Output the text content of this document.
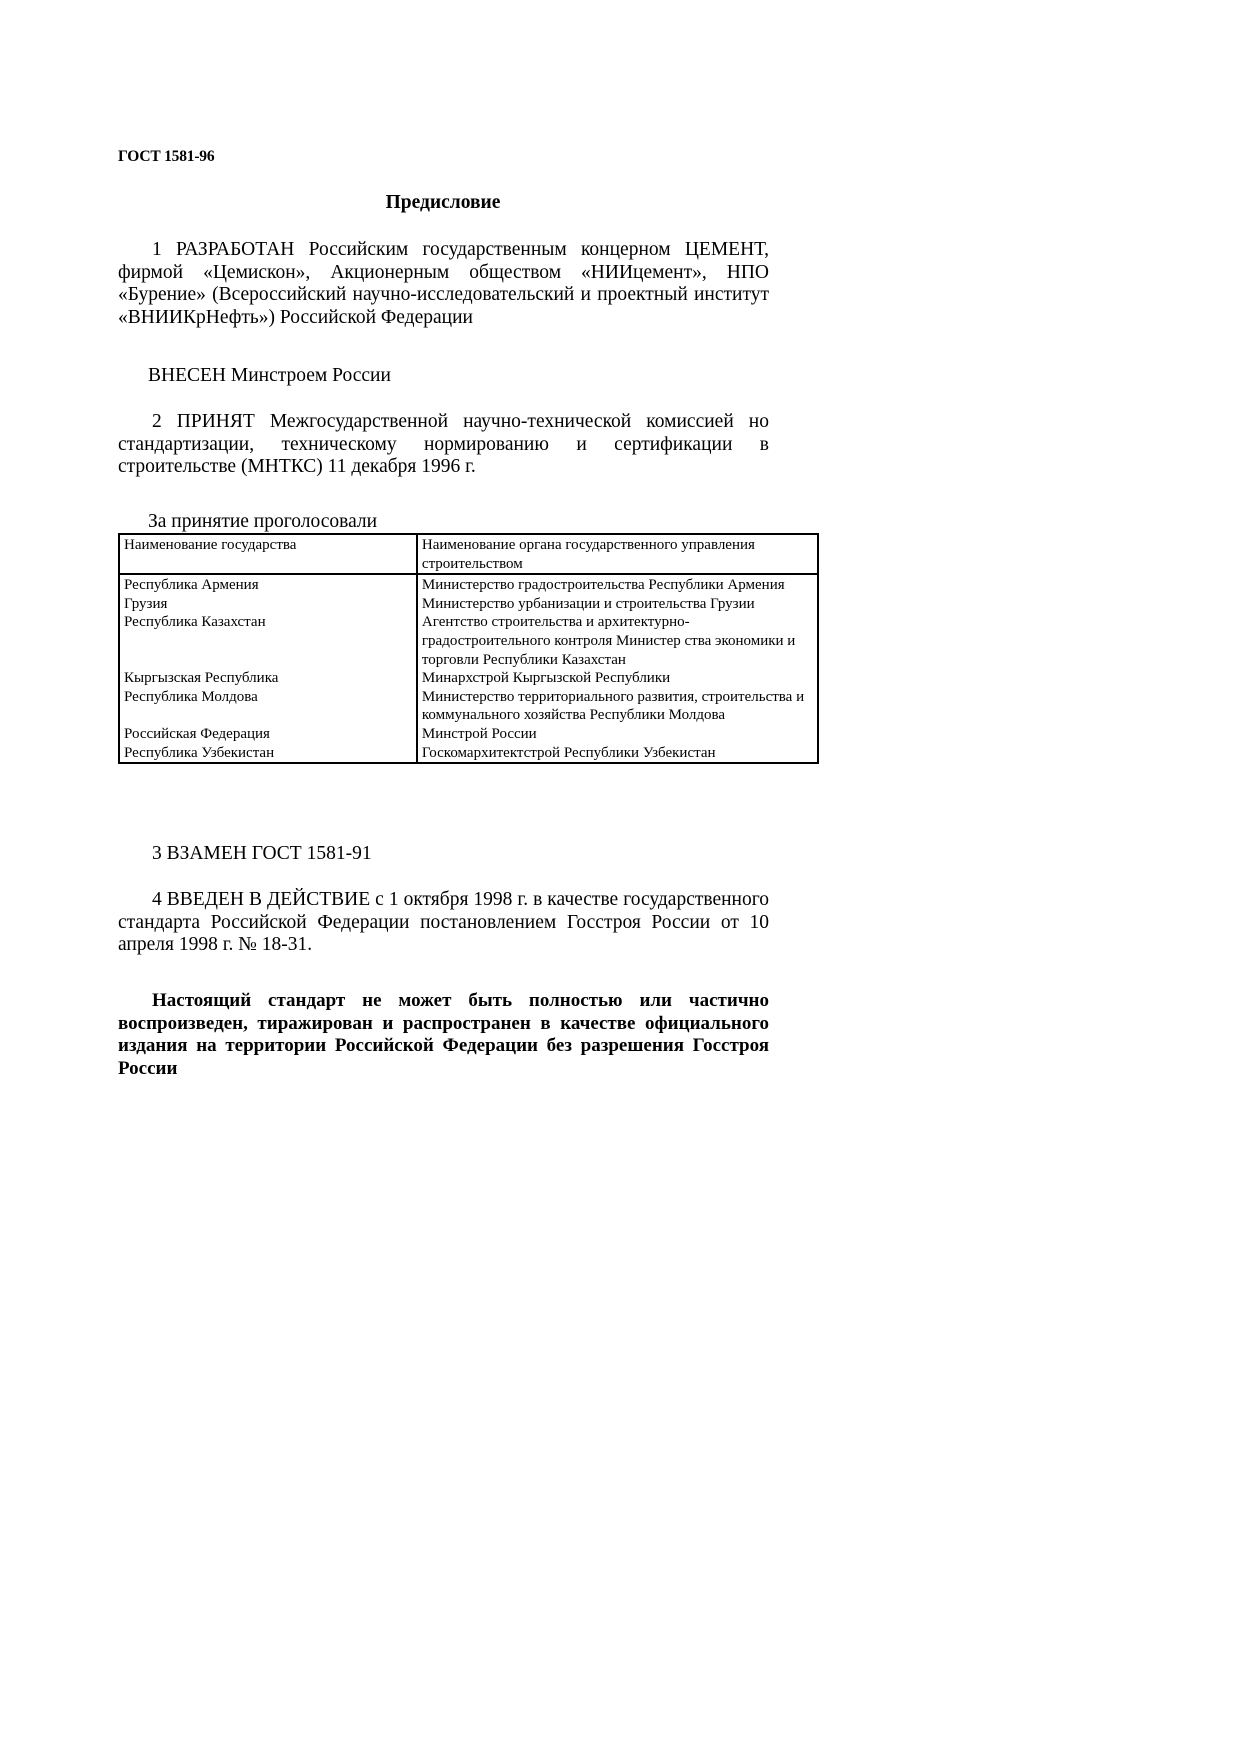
ГОСТ 1581-96
Предисловие
1 РАЗРАБОТАН Российским государственным концерном ЦЕМЕНТ, фирмой «Цемискон», Акционерным обществом «НИИцемент», НПО «Бурение» (Всероссийский научно-исследовательский и проектный институт «ВНИИКрНефть») Российской Федерации
ВНЕСЕН Минстроем России
2 ПРИНЯТ Межгосударственной научно-технической комиссией но стандартизации, техническому нормированию и сертификации в строительстве (МНТКС) 11 декабря 1996 г.
За принятие проголосовали
Наименование государства	Наименование органа государственного управления строительством
Республика Армения	Министерство градостроительства Республики Армения
Грузия	Министерство урбанизации и строительства Грузии
Республика Казахстан	Агентство строительства и архитектурно-градостроительного контроля Министер ства экономики и торговли Республики Казахстан
Кыргызская Республика	Минархстрой Кыргызской Республики
Республика Молдова	Министерство территориального развития, строительства и коммунального хозяйства Республики Молдова
Российская Федерация	Минстрой России
Республика Узбекистан	Госкомархитектстрой Республики Узбекистан
3 ВЗАМЕН ГОСТ 1581-91
4 ВВЕДЕН В ДЕЙСТВИЕ с 1 октября 1998 г. в качестве государственного стандарта Российской Федерации постановлением Госстроя России от 10 апреля 1998 г. № 18-31.
Настоящий стандарт не может быть полностью или частично воспроизведен, тиражирован и распространен в качестве официального издания на территории Российской Федерации без разрешения Госстроя России
